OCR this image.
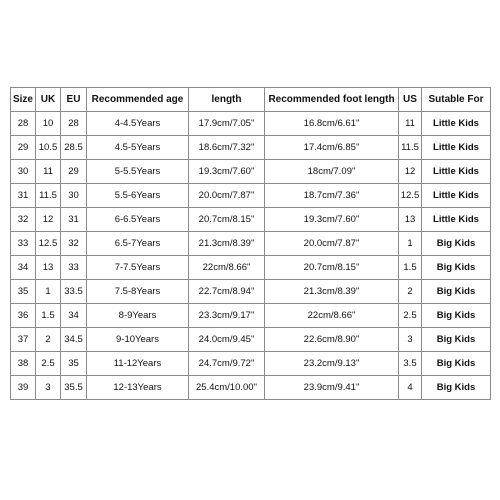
Size	UK	EU	Recommended age	length	Recommended foot length	US	Sutable For
28	10	28	4-4.5Years	17.9cm/7.05"	16.8cm/6.61"	11	Little Kids
29	10.5	28.5	4.5-5Years	18.6cm/7.32"	17.4cm/6.85"	11.5	Little Kids
30	11	29	5-5.5Years	19.3cm/7.60"	18cm/7.09"	12	Little Kids
31	11.5	30	5.5-6Years	20.0cm/7.87"	18.7cm/7.36"	12.5	Little Kids
32	12	31	6-6.5Years	20.7cm/8.15"	19.3cm/7.60"	13	Little Kids
33	12.5	32	6.5-7Years	21.3cm/8.39"	20.0cm/7.87"	1	Big Kids
34	13	33	7-7.5Years	22cm/8.66"	20.7cm/8.15"	1.5	Big Kids
35	1	33.5	7.5-8Years	22.7cm/8.94"	21.3cm/8.39"	2	Big Kids
36	1.5	34	8-9Years	23.3cm/9.17"	22cm/8.66"	2.5	Big Kids
37	2	34.5	9-10Years	24.0cm/9.45"	22.6cm/8.90"	3	Big Kids
38	2.5	35	11-12Years	24.7cm/9.72"	23.2cm/9.13"	3.5	Big Kids
39	3	35.5	12-13Years	25.4cm/10.00"	23.9cm/9.41"	4	Big Kids
